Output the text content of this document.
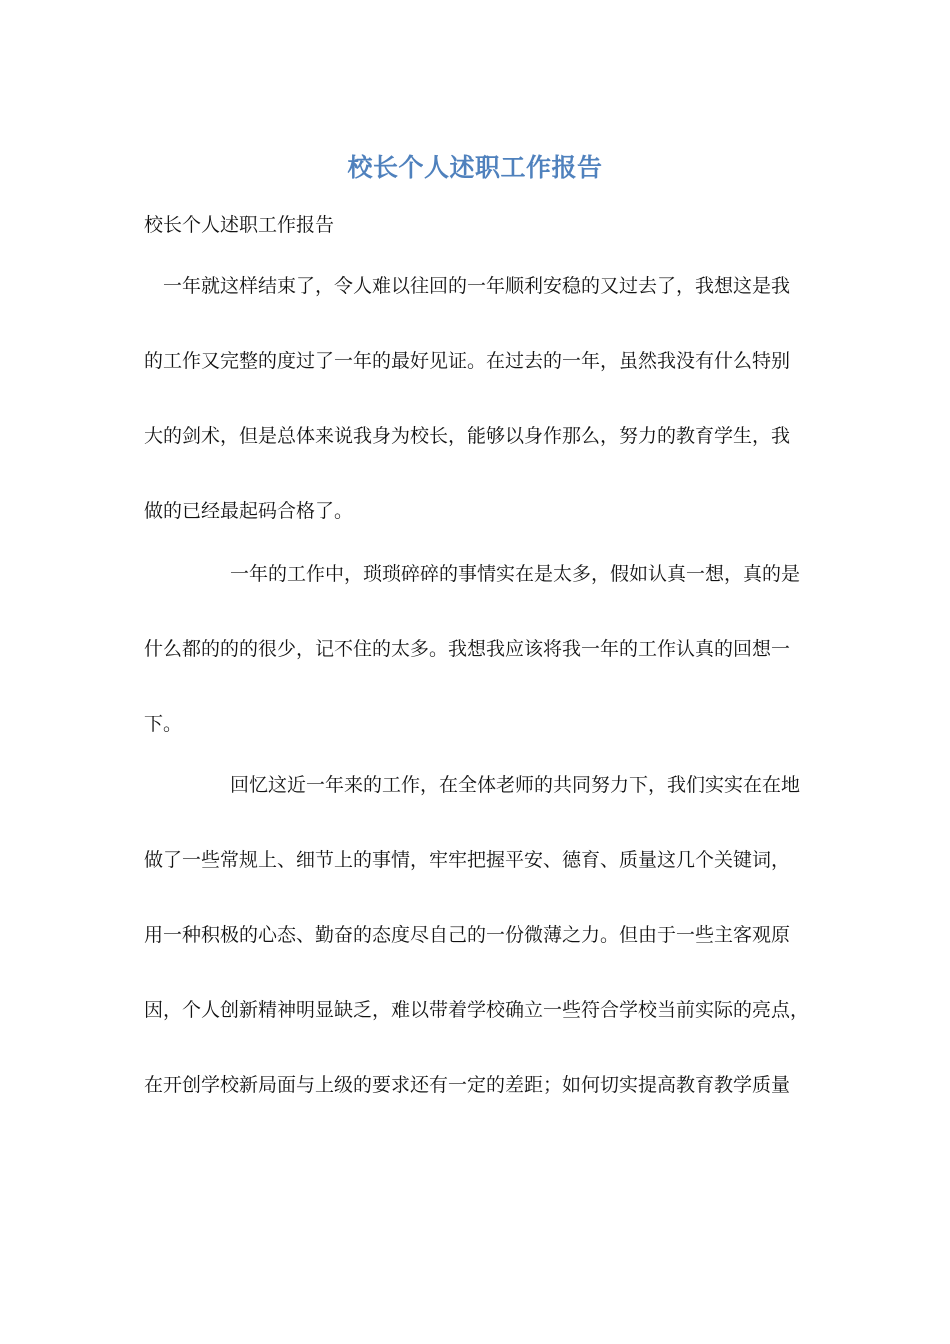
校长个人述职工作报告
校长个人述职工作报告
一年就这样结束了，令人难以往回的一年顺利安稳的又过去了，我想这是我
的工作又完整的度过了一年的最好见证。在过去的一年，虽然我没有什么特别
大的剑术，但是总体来说我身为校长，能够以身作那么，努力的教育学生，我
做的已经最起码合格了。
一年的工作中，琐琐碎碎的事情实在是太多，假如认真一想，真的是
什么都的的的很少，记不住的太多。我想我应该将我一年的工作认真的回想一
下。
回忆这近一年来的工作，在全体老师的共同努力下，我们实实在在地
做了一些常规上、细节上的事情，牢牢把握平安、德育、质量这几个关键词，
用一种积极的心态、勤奋的态度尽自己的一份微薄之力。但由于一些主客观原
因，个人创新精神明显缺乏，难以带着学校确立一些符合学校当前实际的亮点，
在开创学校新局面与上级的要求还有一定的差距；如何切实提高教育教学质量
